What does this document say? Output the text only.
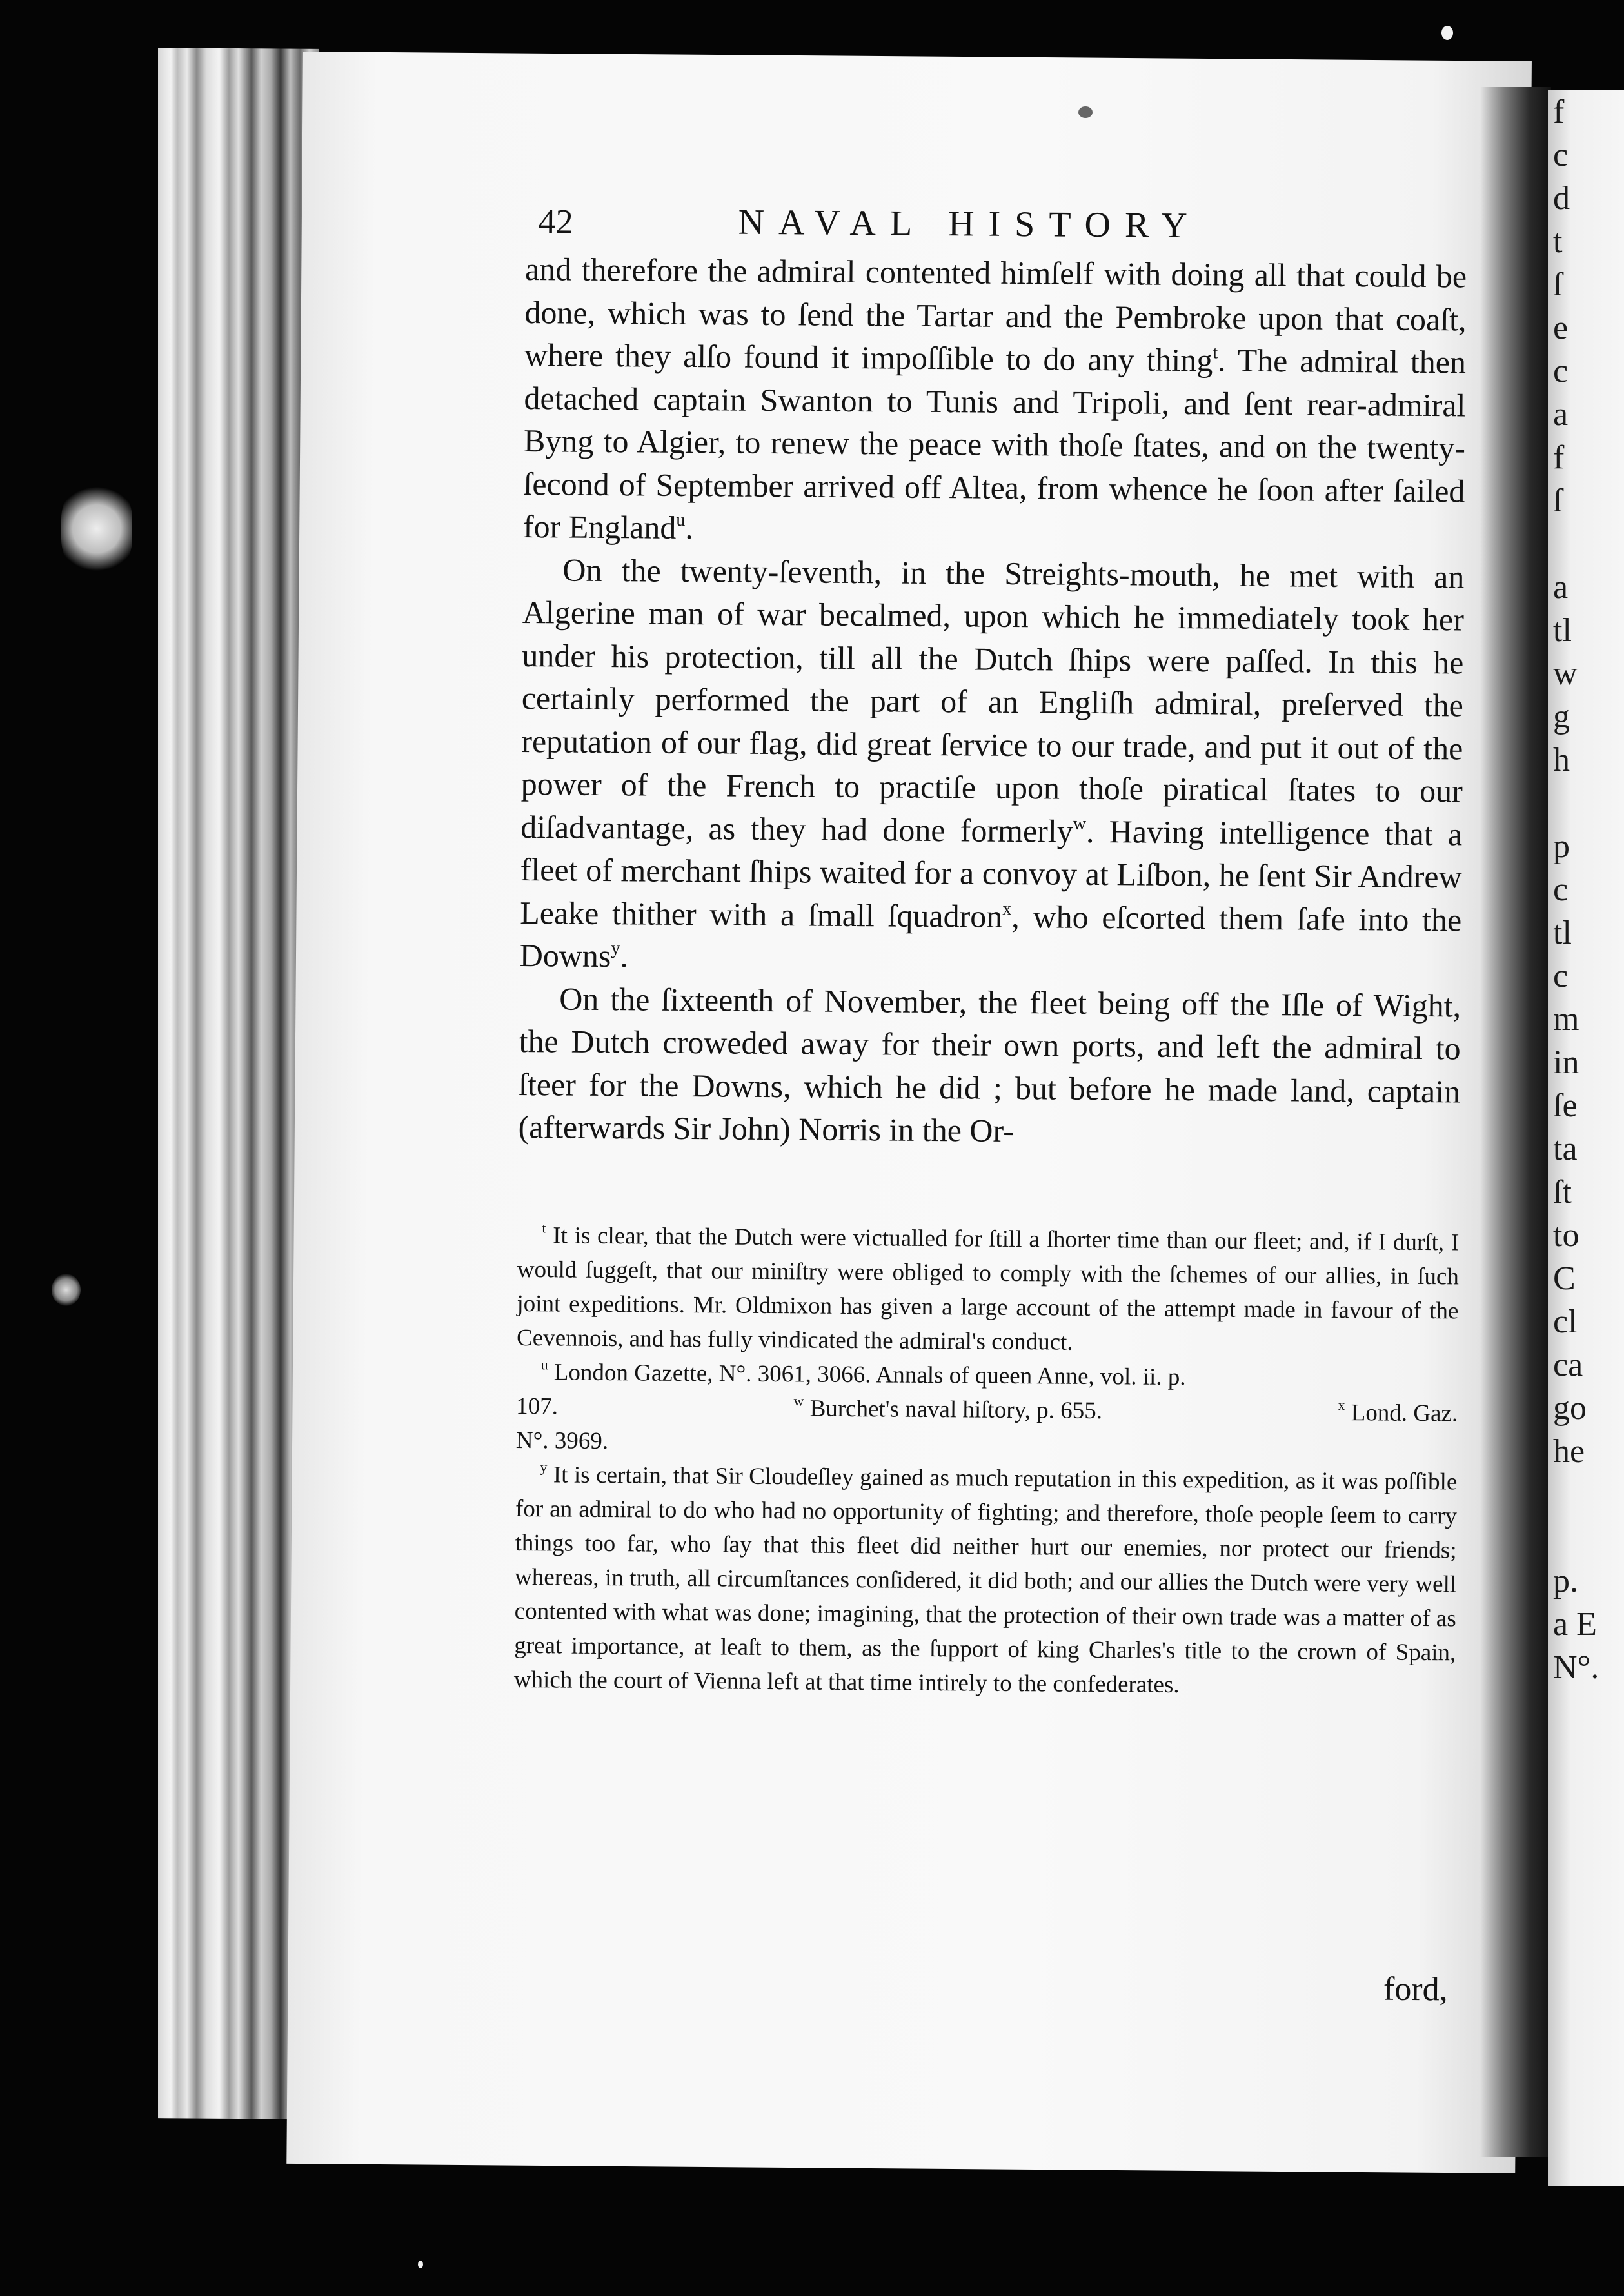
f
c
d
t
ſ
e
c
a
f
ſ
a
tl
w
g
h
p
c
tl
c
m
in
ſe
ta
ſt
to
C
cl
ca
go
he
p.
a E
N°.
42	NAVAL HISTORY

and therefore the admiral contented himſelf with doing all that could be done, which was to ſend the Tartar and the Pembroke upon that coaſt, where they alſo found it impoſſible to do any thing$^t$. The admiral then detached captain Swanton to Tunis and Tripoli, and ſent rear-admiral Byng to Algier, to renew the peace with thoſe ſtates, and on the twenty-ſecond of September arrived off Altea, from whence he ſoon after ſailed for England$^u$.

On the twenty-ſeventh, in the Streights-mouth, he met with an Algerine man of war becalmed, upon which he immediately took her under his protection, till all the Dutch ſhips were paſſed. In this he certainly performed the part of an Engliſh admiral, preſerved the reputation of our flag, did great ſervice to our trade, and put it out of the power of the French to practiſe upon thoſe piratical ſtates to our diſadvantage, as they had done formerly$^w$. Having intelligence that a fleet of merchant ſhips waited for a convoy at Liſbon, he ſent Sir Andrew Leake thither with a ſmall ſquadron$^x$, who eſcorted them ſafe into the Downs$^y$.

On the ſixteenth of November, the fleet being off the Iſle of Wight, the Dutch croweded away for their own ports, and left the admiral to ſteer for the Downs, which he did ; but before he made land, captain (afterwards Sir John) Norris in the Or-

$^t$ It is clear, that the Dutch were victualled for ſtill a ſhorter time than our fleet; and, if I durſt, I would ſuggeſt, that our miniſtry were obliged to comply with the ſchemes of our allies, in ſuch joint expeditions. Mr. Oldmixon has given a large account of the attempt made in favour of the Cevennois, and has fully vindicated the admiral's conduct.

$^u$ London Gazette, N°. 3061, 3066. Annals of queen Anne, vol. ii. p.

107.	$^w$ Burchet's naval hiſtory, p. 655.	$^x$ Lond. Gaz.

N°. 3969.

$^y$ It is certain, that Sir Cloudeſley gained as much reputation in this expedition, as it was poſſible for an admiral to do who had no opportunity of fighting; and therefore, thoſe people ſeem to carry things too far, who ſay that this fleet did neither hurt our enemies, nor protect our friends; whereas, in truth, all circumſtances conſidered, it did both; and our allies the Dutch were very well contented with what was done; imagining, that the protection of their own trade was a matter of as great importance, at leaſt to them, as the ſupport of king Charles's title to the crown of Spain, which the court of Vienna left at that time intirely to the confederates.

ford,
